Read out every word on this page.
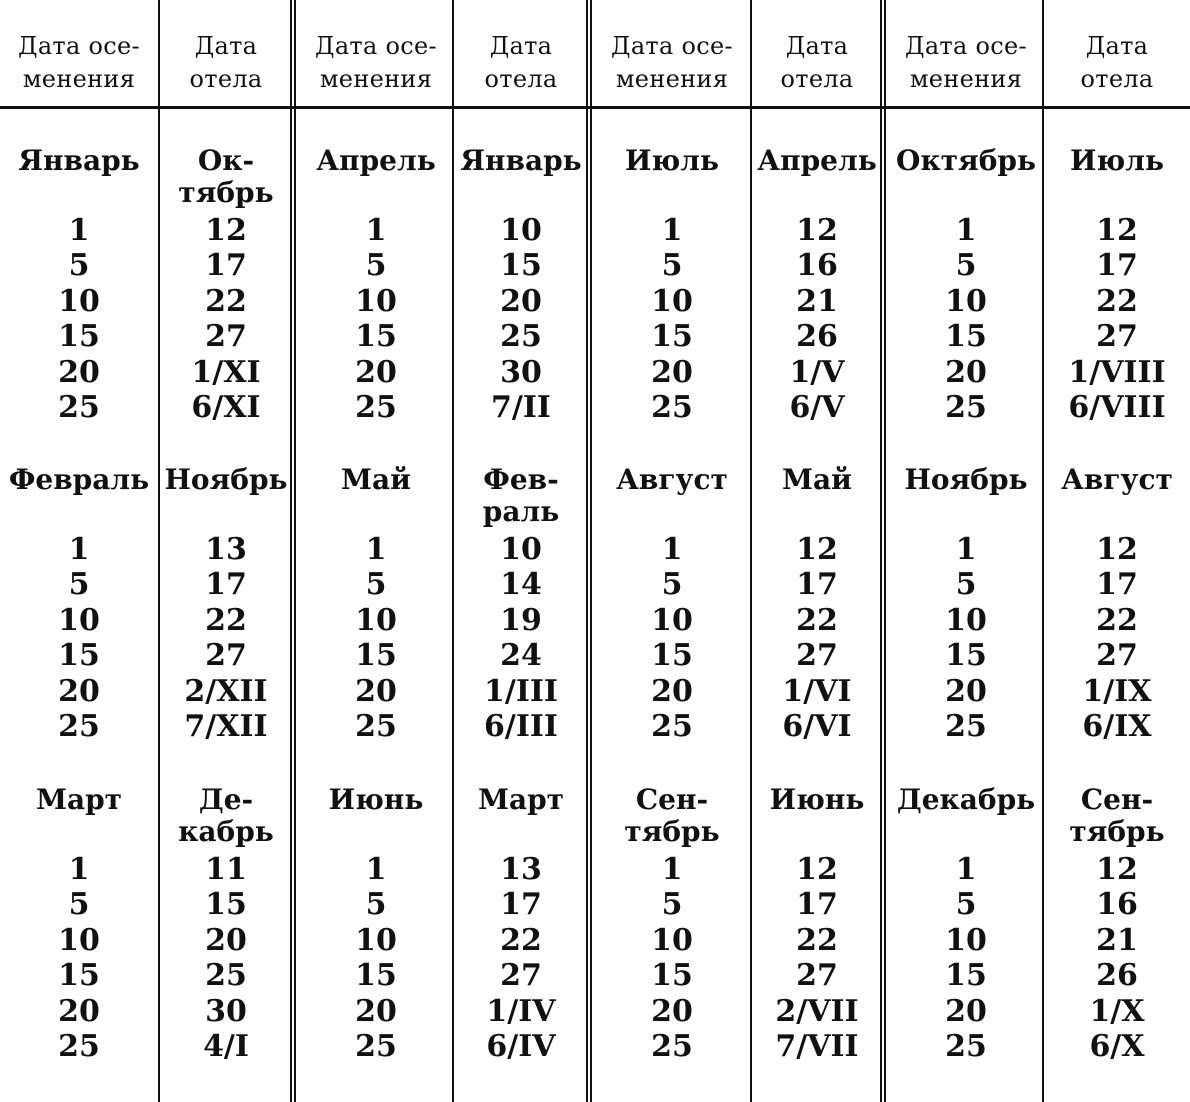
Дата осе-
менения
Январь
1
5
10
15
20
25
Февраль
1
5
10
15
20
25
Март
1
5
10
15
20
25
Дата
отела
Ок-
тябрь
12
17
22
27
1/XI
6/XI
Ноябрь
13
17
22
27
2/XII
7/XII
Де-
кабрь
11
15
20
25
30
4/I
Дата осе-
менения
Апрель
1
5
10
15
20
25
Май
1
5
10
15
20
25
Июнь
1
5
10
15
20
25
Дата
отела
Январь
10
15
20
25
30
7/II
Фев-
раль
10
14
19
24
1/III
6/III
Март
13
17
22
27
1/IV
6/IV
Дата осе-
менения
Июль
1
5
10
15
20
25
Август
1
5
10
15
20
25
Сен-
тябрь
1
5
10
15
20
25
Дата
отела
Апрель
12
16
21
26
1/V
6/V
Май
12
17
22
27
1/VI
6/VI
Июнь
12
17
22
27
2/VII
7/VII
Дата осе-
менения
Октябрь
1
5
10
15
20
25
Ноябрь
1
5
10
15
20
25
Декабрь
1
5
10
15
20
25
Дата
отела
Июль
12
17
22
27
1/VIII
6/VIII
Август
12
17
22
27
1/IX
6/IX
Сен-
тябрь
12
16
21
26
1/X
6/X
